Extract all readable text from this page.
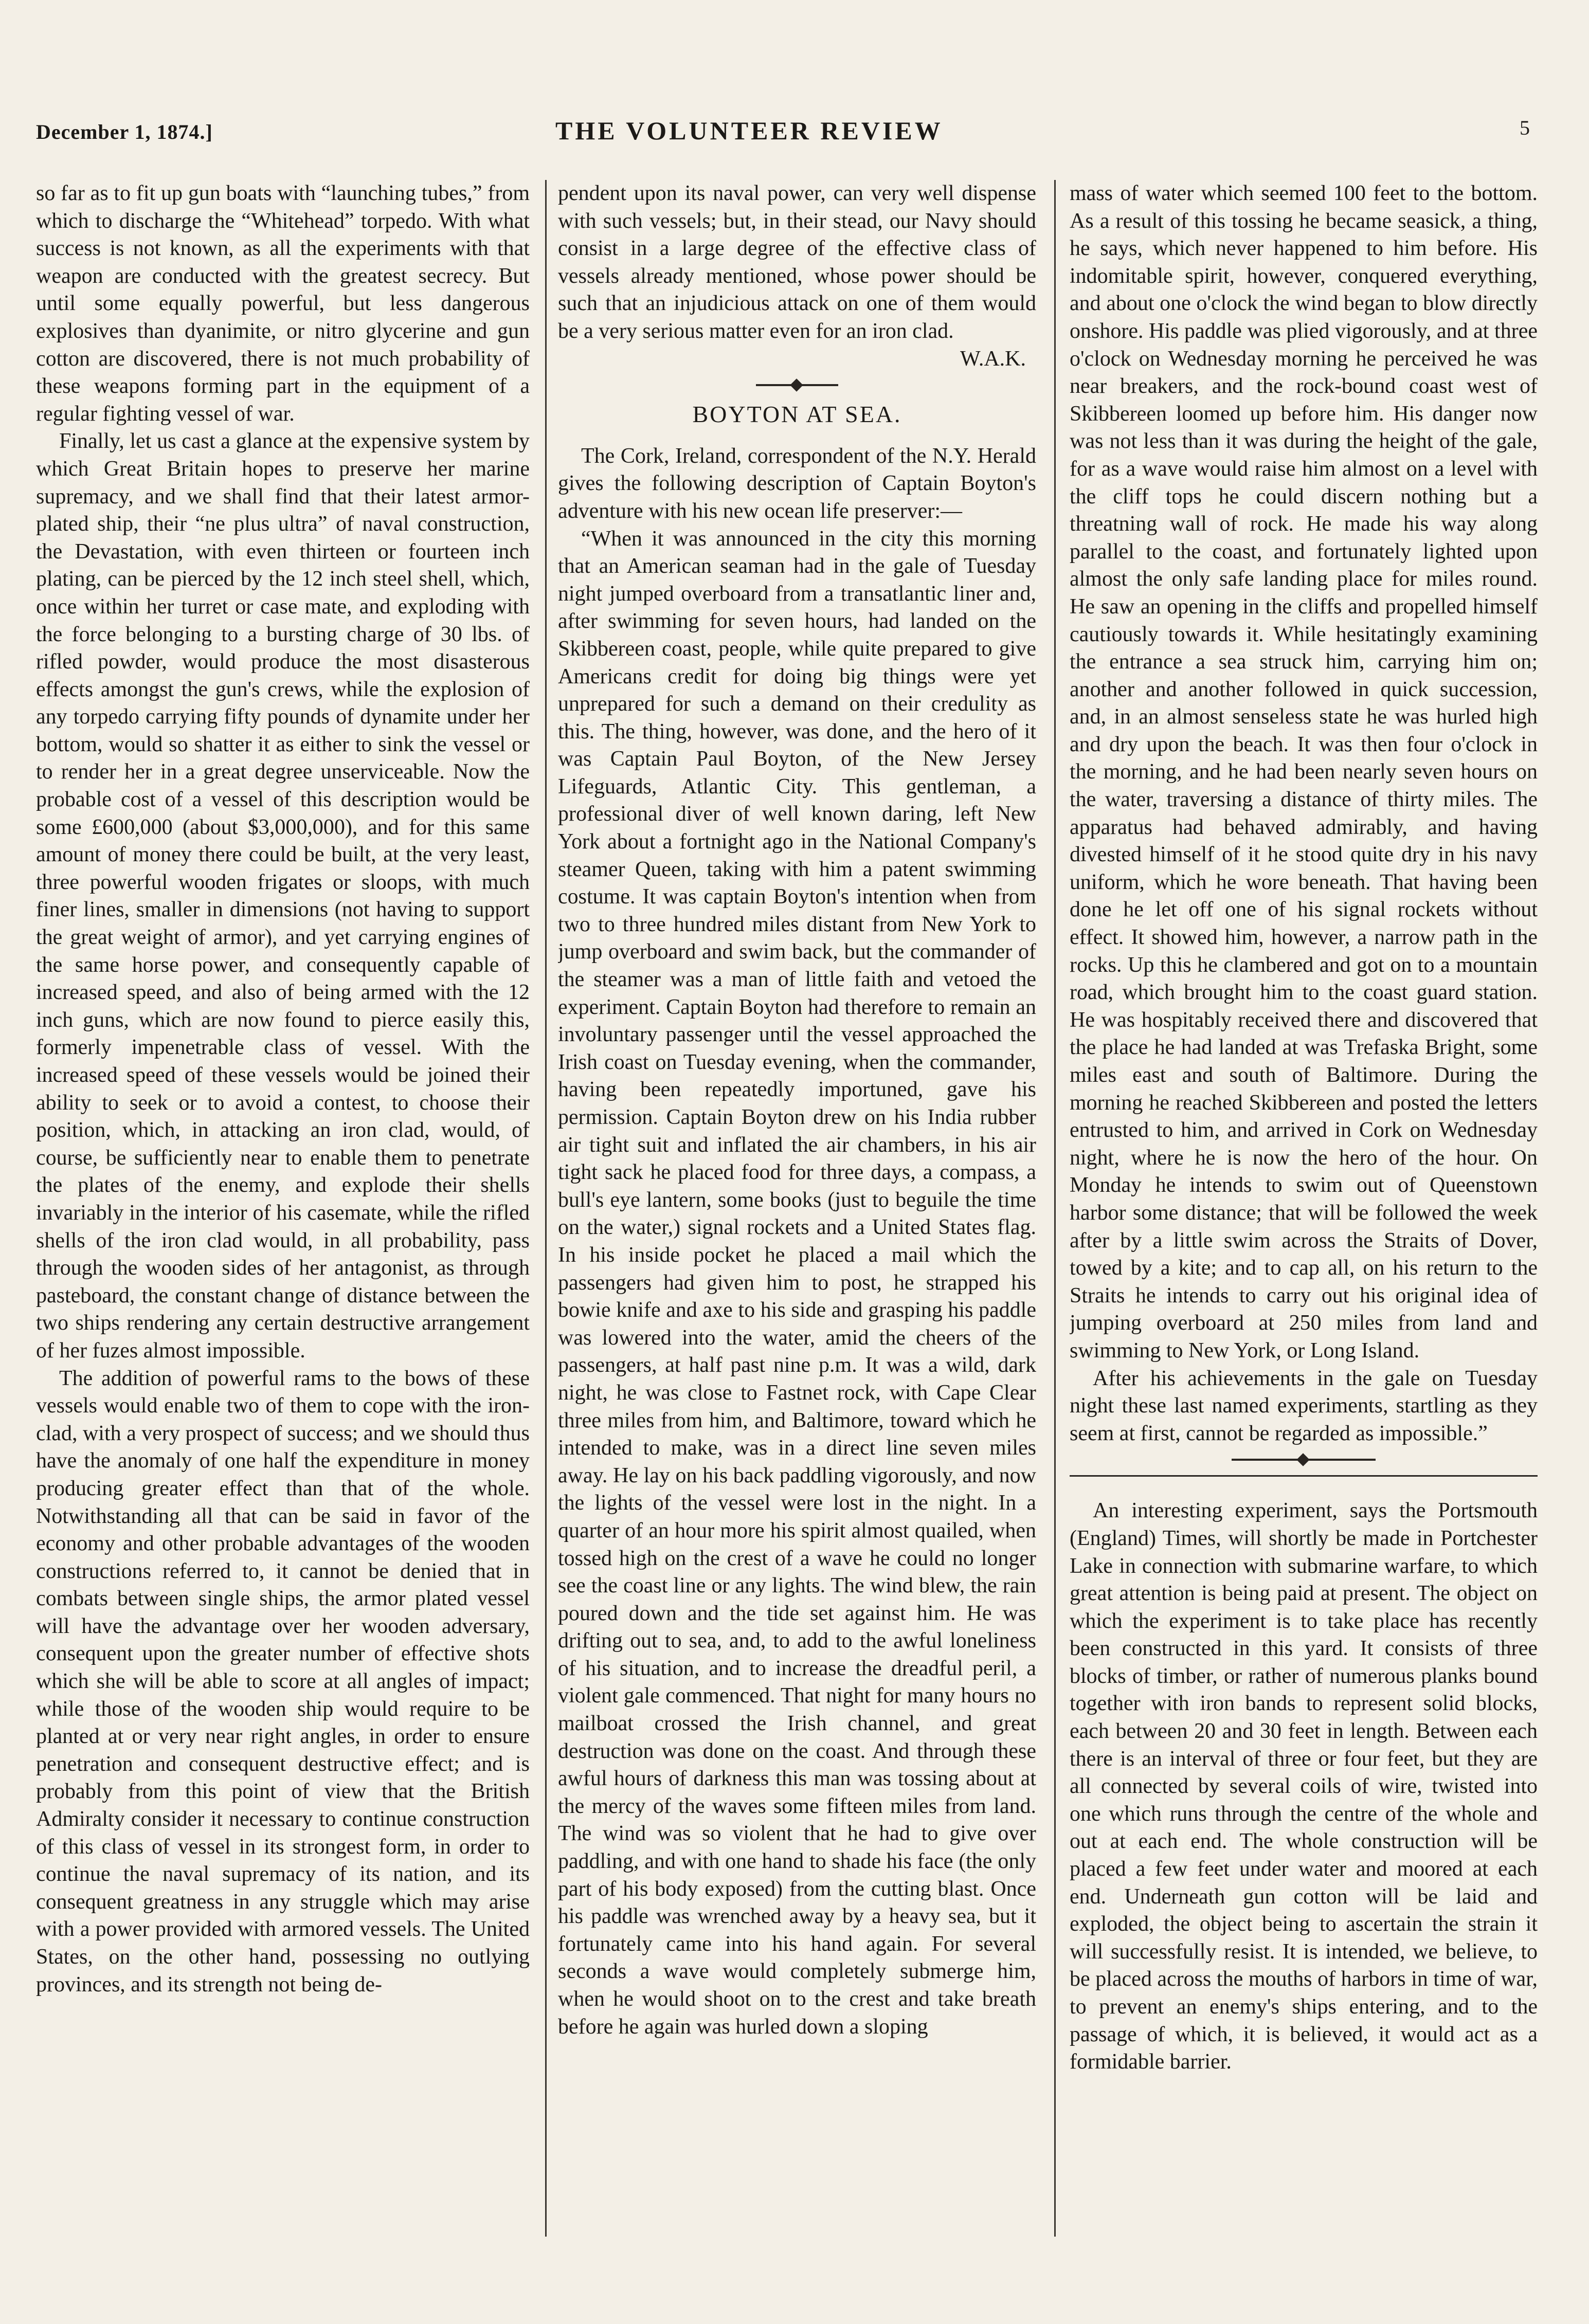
December 1, 1874.]	THE VOLUNTEER REVIEW	5

so far as to fit up gun boats with “launching tubes,” from which to discharge the “Whitehead” torpedo. With what success is not known, as all the experiments with that weapon are conducted with the greatest secrecy. But until some equally powerful, but less dangerous explosives than dyanimite, or nitro glycerine and gun cotton are discovered, there is not much probability of these weapons forming part in the equipment of a regular fighting vessel of war.

Finally, let us cast a glance at the expensive system by which Great Britain hopes to preserve her marine supremacy, and we shall find that their latest armor-plated ship, their “ne plus ultra” of naval construction, the Devastation, with even thirteen or fourteen inch plating, can be pierced by the 12 inch steel shell, which, once within her turret or case mate, and exploding with the force belonging to a bursting charge of 30 lbs. of rifled powder, would produce the most disasterous effects amongst the gun's crews, while the explosion of any torpedo carrying fifty pounds of dynamite under her bottom, would so shatter it as either to sink the vessel or to render her in a great degree unserviceable. Now the probable cost of a vessel of this description would be some £600,000 (about $3,000,000), and for this same amount of money there could be built, at the very least, three powerful wooden frigates or sloops, with much finer lines, smaller in dimensions (not having to support the great weight of armor), and yet carrying engines of the same horse power, and consequently capable of increased speed, and also of being armed with the 12 inch guns, which are now found to pierce easily this, formerly impenetrable class of vessel. With the increased speed of these vessels would be joined their ability to seek or to avoid a contest, to choose their position, which, in attacking an iron clad, would, of course, be sufficiently near to enable them to penetrate the plates of the enemy, and explode their shells invariably in the interior of his casemate, while the rifled shells of the iron clad would, in all probability, pass through the wooden sides of her antagonist, as through pasteboard, the constant change of distance between the two ships rendering any certain destructive arrangement of her fuzes almost impossible.

The addition of powerful rams to the bows of these vessels would enable two of them to cope with the iron-clad, with a very prospect of success; and we should thus have the anomaly of one half the expenditure in money producing greater effect than that of the whole. Notwithstanding all that can be said in favor of the economy and other probable advantages of the wooden constructions referred to, it cannot be denied that in combats between single ships, the armor plated vessel will have the advantage over her wooden adversary, consequent upon the greater number of effective shots which she will be able to score at all angles of impact; while those of the wooden ship would require to be planted at or very near right angles, in order to ensure penetration and consequent destructive effect; and is probably from this point of view that the British Admiralty consider it necessary to continue construction of this class of vessel in its strongest form, in order to continue the naval supremacy of its nation, and its consequent greatness in any struggle which may arise with a power provided with armored vessels. The United States, on the other hand, possessing no outlying provinces, and its strength not being de-

pendent upon its naval power, can very well dispense with such vessels; but, in their stead, our Navy should consist in a large degree of the effective class of vessels already mentioned, whose power should be such that an injudicious attack on one of them would be a very serious matter even for an iron clad.

W.A.K.

BOYTON AT SEA.

The Cork, Ireland, correspondent of the N.Y. Herald gives the following description of Captain Boyton's adventure with his new ocean life preserver:—

“When it was announced in the city this morning that an American seaman had in the gale of Tuesday night jumped overboard from a transatlantic liner and, after swimming for seven hours, had landed on the Skibbereen coast, people, while quite prepared to give Americans credit for doing big things were yet unprepared for such a demand on their credulity as this. The thing, however, was done, and the hero of it was Captain Paul Boyton, of the New Jersey Lifeguards, Atlantic City. This gentleman, a professional diver of well known daring, left New York about a fortnight ago in the National Company's steamer Queen, taking with him a patent swimming costume. It was captain Boyton's intention when from two to three hundred miles distant from New York to jump overboard and swim back, but the commander of the steamer was a man of little faith and vetoed the experiment. Captain Boyton had therefore to remain an involuntary passenger until the vessel approached the Irish coast on Tuesday evening, when the commander, having been repeatedly importuned, gave his permission. Captain Boyton drew on his India rubber air tight suit and inflated the air chambers, in his air tight sack he placed food for three days, a compass, a bull's eye lantern, some books (just to beguile the time on the water,) signal rockets and a United States flag. In his inside pocket he placed a mail which the passengers had given him to post, he strapped his bowie knife and axe to his side and grasping his paddle was lowered into the water, amid the cheers of the passengers, at half past nine p.m. It was a wild, dark night, he was close to Fastnet rock, with Cape Clear three miles from him, and Baltimore, toward which he intended to make, was in a direct line seven miles away. He lay on his back paddling vigorously, and now the lights of the vessel were lost in the night. In a quarter of an hour more his spirit almost quailed, when tossed high on the crest of a wave he could no longer see the coast line or any lights. The wind blew, the rain poured down and the tide set against him. He was drifting out to sea, and, to add to the awful loneliness of his situation, and to increase the dreadful peril, a violent gale commenced. That night for many hours no mailboat crossed the Irish channel, and great destruction was done on the coast. And through these awful hours of darkness this man was tossing about at the mercy of the waves some fifteen miles from land. The wind was so violent that he had to give over paddling, and with one hand to shade his face (the only part of his body exposed) from the cutting blast. Once his paddle was wrenched away by a heavy sea, but it fortunately came into his hand again. For several seconds a wave would completely submerge him, when he would shoot on to the crest and take breath before he again was hurled down a sloping

mass of water which seemed 100 feet to the bottom. As a result of this tossing he became seasick, a thing, he says, which never happened to him before. His indomitable spirit, however, conquered everything, and about one o'clock the wind began to blow directly onshore. His paddle was plied vigorously, and at three o'clock on Wednesday morning he perceived he was near breakers, and the rock-bound coast west of Skibbereen loomed up before him. His danger now was not less than it was during the height of the gale, for as a wave would raise him almost on a level with the cliff tops he could discern nothing but a threatning wall of rock. He made his way along parallel to the coast, and fortunately lighted upon almost the only safe landing place for miles round. He saw an opening in the cliffs and propelled himself cautiously towards it. While hesitatingly examining the entrance a sea struck him, carrying him on; another and another followed in quick succession, and, in an almost senseless state he was hurled high and dry upon the beach. It was then four o'clock in the morning, and he had been nearly seven hours on the water, traversing a distance of thirty miles. The apparatus had behaved admirably, and having divested himself of it he stood quite dry in his navy uniform, which he wore beneath. That having been done he let off one of his signal rockets without effect. It showed him, however, a narrow path in the rocks. Up this he clambered and got on to a mountain road, which brought him to the coast guard station. He was hospitably received there and discovered that the place he had landed at was Trefaska Bright, some miles east and south of Baltimore. During the morning he reached Skibbereen and posted the letters entrusted to him, and arrived in Cork on Wednesday night, where he is now the hero of the hour. On Monday he intends to swim out of Queenstown harbor some distance; that will be followed the week after by a little swim across the Straits of Dover, towed by a kite; and to cap all, on his return to the Straits he intends to carry out his original idea of jumping overboard at 250 miles from land and swimming to New York, or Long Island.

After his achievements in the gale on Tuesday night these last named experiments, startling as they seem at first, cannot be regarded as impossible.”

An interesting experiment, says the Portsmouth (England) Times, will shortly be made in Portchester Lake in connection with submarine warfare, to which great attention is being paid at present. The object on which the experiment is to take place has recently been constructed in this yard. It consists of three blocks of timber, or rather of numerous planks bound together with iron bands to represent solid blocks, each between 20 and 30 feet in length. Between each there is an interval of three or four feet, but they are all connected by several coils of wire, twisted into one which runs through the centre of the whole and out at each end. The whole construction will be placed a few feet under water and moored at each end. Underneath gun cotton will be laid and exploded, the object being to ascertain the strain it will successfully resist. It is intended, we believe, to be placed across the mouths of harbors in time of war, to prevent an enemy's ships entering, and to the passage of which, it is believed, it would act as a formidable barrier.
